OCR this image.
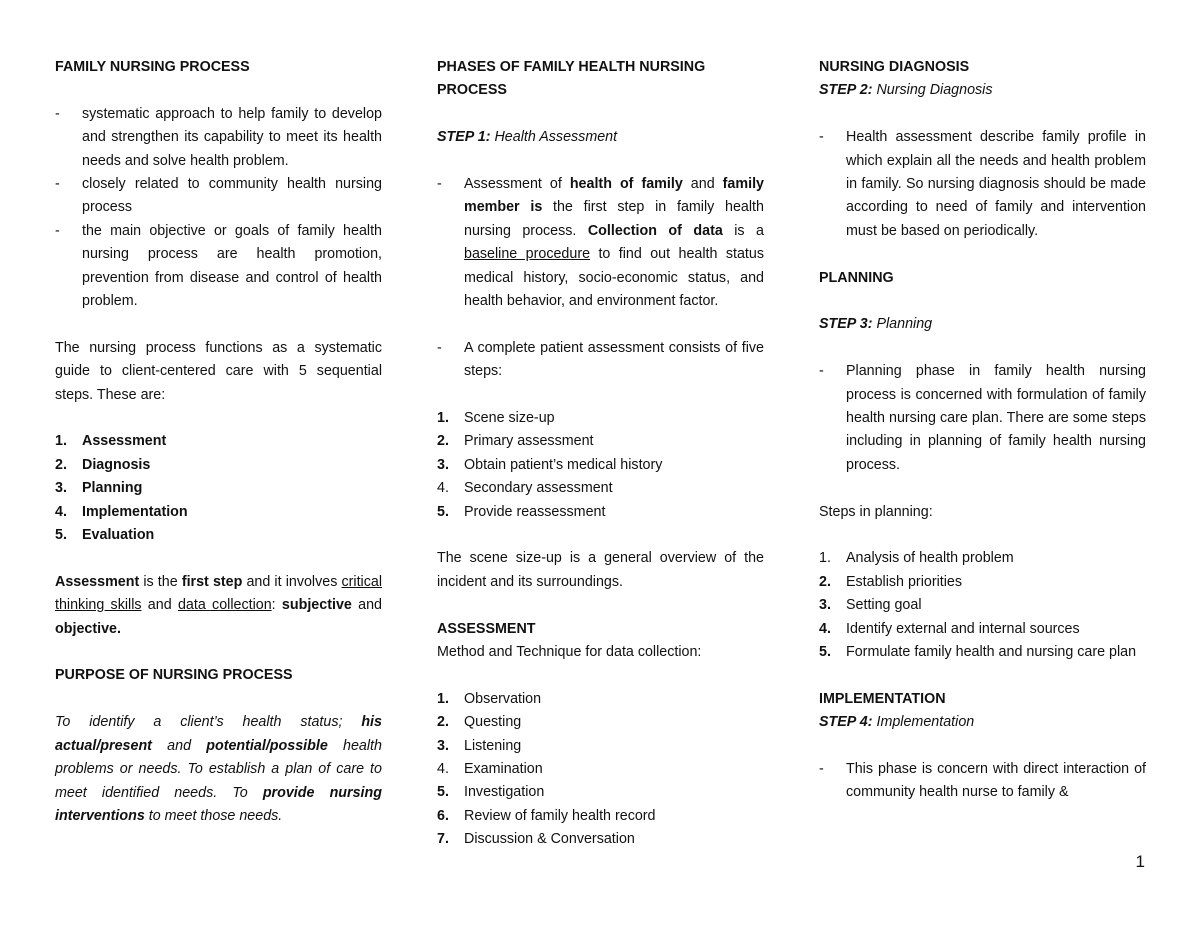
FAMILY NURSING PROCESS

- systematic approach to help family to develop and strengthen its capability to meet its health needs and solve health problem.
- closely related to community health nursing process
- the main objective or goals of family health nursing process are health promotion, prevention from disease and control of health problem.

The nursing process functions as a systematic guide to client-centered care with 5 sequential steps. These are:

1. Assessment
2. Diagnosis
3. Planning
4. Implementation
5. Evaluation

Assessment is the first step and it involves critical thinking skills and data collection: subjective and objective.

PURPOSE OF NURSING PROCESS

To identify a client’s health status; his actual/present and potential/possible health problems or needs. To establish a plan of care to meet identified needs. To provide nursing interventions to meet those needs.

PHASES OF FAMILY HEALTH NURSING PROCESS

STEP 1: Health Assessment

- Assessment of health of family and family member is the first step in family health nursing process. Collection of data is a baseline procedure to find out health status medical history, socio-economic status, and health behavior, and environment factor.
- A complete patient assessment consists of five steps:
1. Scene size-up
2. Primary assessment
3. Obtain patient’s medical history
4. Secondary assessment
5. Provide reassessment

The scene size-up is a general overview of the incident and its surroundings.

ASSESSMENT

Method and Technique for data collection:

1. Observation
2. Questing
3. Listening
4. Examination
5. Investigation
6. Review of family health record
7. Discussion & Conversation

NURSING DIAGNOSIS

STEP 2: Nursing Diagnosis

- Health assessment describe family profile in which explain all the needs and health problem in family. So nursing diagnosis should be made according to need of family and intervention must be based on periodically.

PLANNING

STEP 3: Planning

- Planning phase in family health nursing process is concerned with formulation of family health nursing care plan. There are some steps including in planning of family health nursing process.

Steps in planning:

1. Analysis of health problem
2. Establish priorities
3. Setting goal
4. Identify external and internal sources
5. Formulate family health and nursing care plan

IMPLEMENTATION

STEP 4: Implementation

- This phase is concern with direct interaction of community health nurse to family &
1
